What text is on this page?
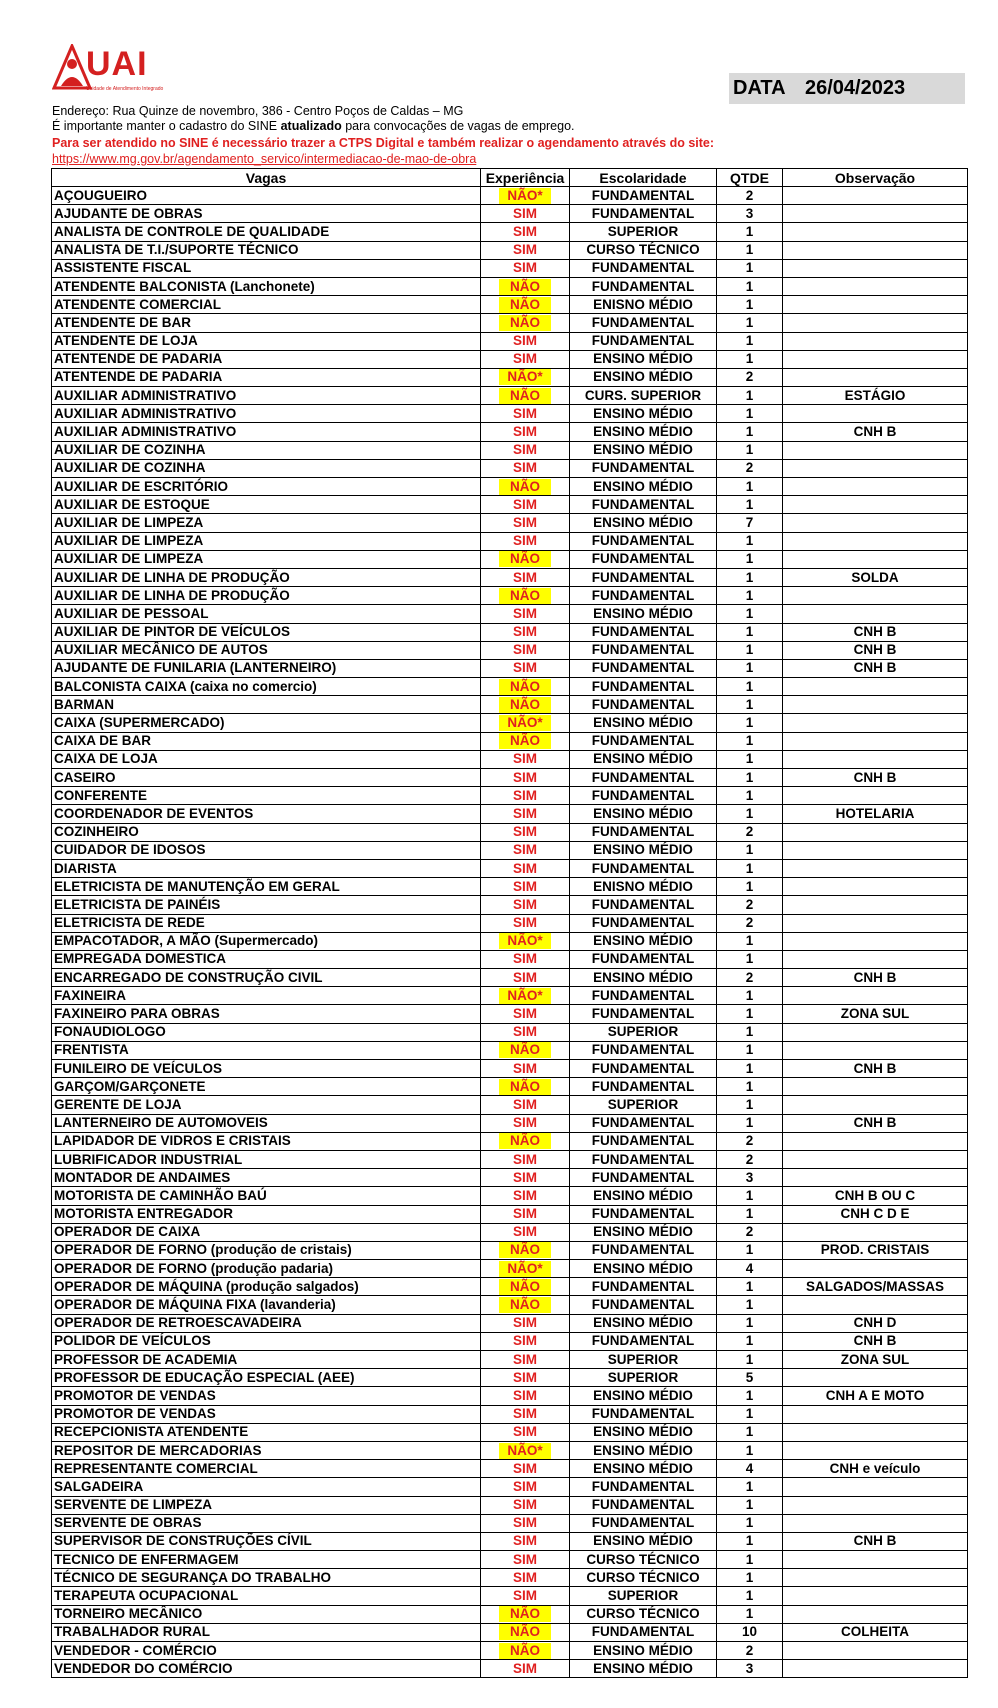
UAI
Unidade de Atendimento Integrado	DATA 26/04/2023
Endereço: Rua Quinze de novembro, 386 - Centro Poços de Caldas – MG
É importante manter o cadastro do SINE atualizado para convocações de vagas de emprego.
Para ser atendido no SINE é necessário trazer a CTPS Digital e também realizar o agendamento através do site:
https://www.mg.gov.br/agendamento_servico/intermediacao-de-mao-de-obra
Vagas	Experiência	Escolaridade	QTDE	Observação
AÇOUGUEIRO	NÃO*	FUNDAMENTAL	2	
AJUDANTE DE OBRAS	SIM	FUNDAMENTAL	3	
ANALISTA DE CONTROLE DE QUALIDADE	SIM	SUPERIOR	1	
ANALISTA DE T.I./SUPORTE TÉCNICO	SIM	CURSO TÉCNICO	1	
ASSISTENTE FISCAL	SIM	FUNDAMENTAL	1	
ATENDENTE BALCONISTA (Lanchonete)	NÃO	FUNDAMENTAL	1	
ATENDENTE COMERCIAL	NÃO	ENISNO MÉDIO	1	
ATENDENTE DE BAR	NÃO	FUNDAMENTAL	1	
ATENDENTE DE LOJA	SIM	FUNDAMENTAL	1	
ATENTENDE DE PADARIA	SIM	ENSINO MÉDIO	1	
ATENTENDE DE PADARIA	NÃO*	ENSINO MÉDIO	2	
AUXILIAR ADMINISTRATIVO	NÃO	CURS. SUPERIOR	1	ESTÁGIO
AUXILIAR ADMINISTRATIVO	SIM	ENSINO MÉDIO	1	
AUXILIAR ADMINISTRATIVO	SIM	ENSINO MÉDIO	1	CNH B
AUXILIAR DE COZINHA	SIM	ENSINO MÉDIO	1	
AUXILIAR DE COZINHA	SIM	FUNDAMENTAL	2	
AUXILIAR DE ESCRITÓRIO	NÃO	ENSINO MÉDIO	1	
AUXILIAR DE ESTOQUE	SIM	FUNDAMENTAL	1	
AUXILIAR DE LIMPEZA	SIM	ENSINO MÉDIO	7	
AUXILIAR DE LIMPEZA	SIM	FUNDAMENTAL	1	
AUXILIAR DE LIMPEZA	NÃO	FUNDAMENTAL	1	
AUXILIAR DE LINHA DE PRODUÇÃO	SIM	FUNDAMENTAL	1	SOLDA
AUXILIAR DE LINHA DE PRODUÇÃO	NÃO	FUNDAMENTAL	1	
AUXILIAR DE PESSOAL	SIM	ENSINO MÉDIO	1	
AUXILIAR DE PINTOR DE VEÍCULOS	SIM	FUNDAMENTAL	1	CNH B
AUXILIAR MECÂNICO DE AUTOS	SIM	FUNDAMENTAL	1	CNH B
AJUDANTE DE FUNILARIA (LANTERNEIRO)	SIM	FUNDAMENTAL	1	CNH B
BALCONISTA CAIXA (caixa no comercio)	NÃO	FUNDAMENTAL	1	
BARMAN	NÃO	FUNDAMENTAL	1	
CAIXA (SUPERMERCADO)	NÃO*	ENSINO MÉDIO	1	
CAIXA DE BAR	NÃO	FUNDAMENTAL	1	
CAIXA DE LOJA	SIM	ENSINO MÉDIO	1	
CASEIRO	SIM	FUNDAMENTAL	1	CNH B
CONFERENTE	SIM	FUNDAMENTAL	1	
COORDENADOR DE EVENTOS	SIM	ENSINO MÉDIO	1	HOTELARIA
COZINHEIRO	SIM	FUNDAMENTAL	2	
CUIDADOR DE IDOSOS	SIM	ENSINO MÉDIO	1	
DIARISTA	SIM	FUNDAMENTAL	1	
ELETRICISTA DE MANUTENÇÃO EM GERAL	SIM	ENISNO MÉDIO	1	
ELETRICISTA DE PAINÉIS	SIM	FUNDAMENTAL	2	
ELETRICISTA DE REDE	SIM	FUNDAMENTAL	2	
EMPACOTADOR, A MÃO (Supermercado)	NÃO*	ENSINO MÉDIO	1	
EMPREGADA DOMESTICA	SIM	FUNDAMENTAL	1	
ENCARREGADO DE CONSTRUÇÃO CIVIL	SIM	ENSINO MÉDIO	2	CNH B
FAXINEIRA	NÃO*	FUNDAMENTAL	1	
FAXINEIRO PARA OBRAS	SIM	FUNDAMENTAL	1	ZONA SUL
FONAUDIOLOGO	SIM	SUPERIOR	1	
FRENTISTA	NÃO	FUNDAMENTAL	1	
FUNILEIRO DE VEÍCULOS	SIM	FUNDAMENTAL	1	CNH B
GARÇOM/GARÇONETE	NÃO	FUNDAMENTAL	1	
GERENTE DE LOJA	SIM	SUPERIOR	1	
LANTERNEIRO DE AUTOMOVEIS	SIM	FUNDAMENTAL	1	CNH B
LAPIDADOR DE VIDROS E CRISTAIS	NÃO	FUNDAMENTAL	2	
LUBRIFICADOR INDUSTRIAL	SIM	FUNDAMENTAL	2	
MONTADOR DE ANDAIMES	SIM	FUNDAMENTAL	3	
MOTORISTA DE CAMINHÃO BAÚ	SIM	ENSINO MÉDIO	1	CNH B OU C
MOTORISTA ENTREGADOR	SIM	FUNDAMENTAL	1	CNH C D E
OPERADOR DE CAIXA	SIM	ENSINO MÉDIO	2	
OPERADOR DE FORNO (produção de cristais)	NÃO	FUNDAMENTAL	1	PROD. CRISTAIS
OPERADOR DE FORNO (produção padaria)	NÃO*	ENSINO MÉDIO	4	
OPERADOR DE MÁQUINA (produção salgados)	NÃO	FUNDAMENTAL	1	SALGADOS/MASSAS
OPERADOR DE MÁQUINA FIXA (lavanderia)	NÃO	FUNDAMENTAL	1	
OPERADOR DE RETROESCAVADEIRA	SIM	ENSINO MÉDIO	1	CNH D
POLIDOR DE VEÍCULOS	SIM	FUNDAMENTAL	1	CNH B
PROFESSOR DE ACADEMIA	SIM	SUPERIOR	1	ZONA SUL
PROFESSOR DE EDUCAÇÃO ESPECIAL (AEE)	SIM	SUPERIOR	5	
PROMOTOR DE VENDAS	SIM	ENSINO MÉDIO	1	CNH A E MOTO
PROMOTOR DE VENDAS	SIM	FUNDAMENTAL	1	
RECEPCIONISTA ATENDENTE	SIM	ENSINO MÉDIO	1	
REPOSITOR DE MERCADORIAS	NÃO*	ENSINO MÉDIO	1	
REPRESENTANTE COMERCIAL	SIM	ENSINO MÉDIO	4	CNH e veículo
SALGADEIRA	SIM	FUNDAMENTAL	1	
SERVENTE DE LIMPEZA	SIM	FUNDAMENTAL	1	
SERVENTE DE OBRAS	SIM	FUNDAMENTAL	1	
SUPERVISOR DE CONSTRUÇÕES CÍVIL	SIM	ENSINO MÉDIO	1	CNH B
TECNICO DE ENFERMAGEM	SIM	CURSO TÉCNICO	1	
TÉCNICO DE SEGURANÇA DO TRABALHO	SIM	CURSO TÉCNICO	1	
TERAPEUTA OCUPACIONAL	SIM	SUPERIOR	1	
TORNEIRO MECÂNICO	NÃO	CURSO TÉCNICO	1	
TRABALHADOR RURAL	NÃO	FUNDAMENTAL	10	COLHEITA
VENDEDOR - COMÉRCIO	NÃO	ENSINO MÉDIO	2	
VENDEDOR DO COMÉRCIO	SIM	ENSINO MÉDIO	3	
